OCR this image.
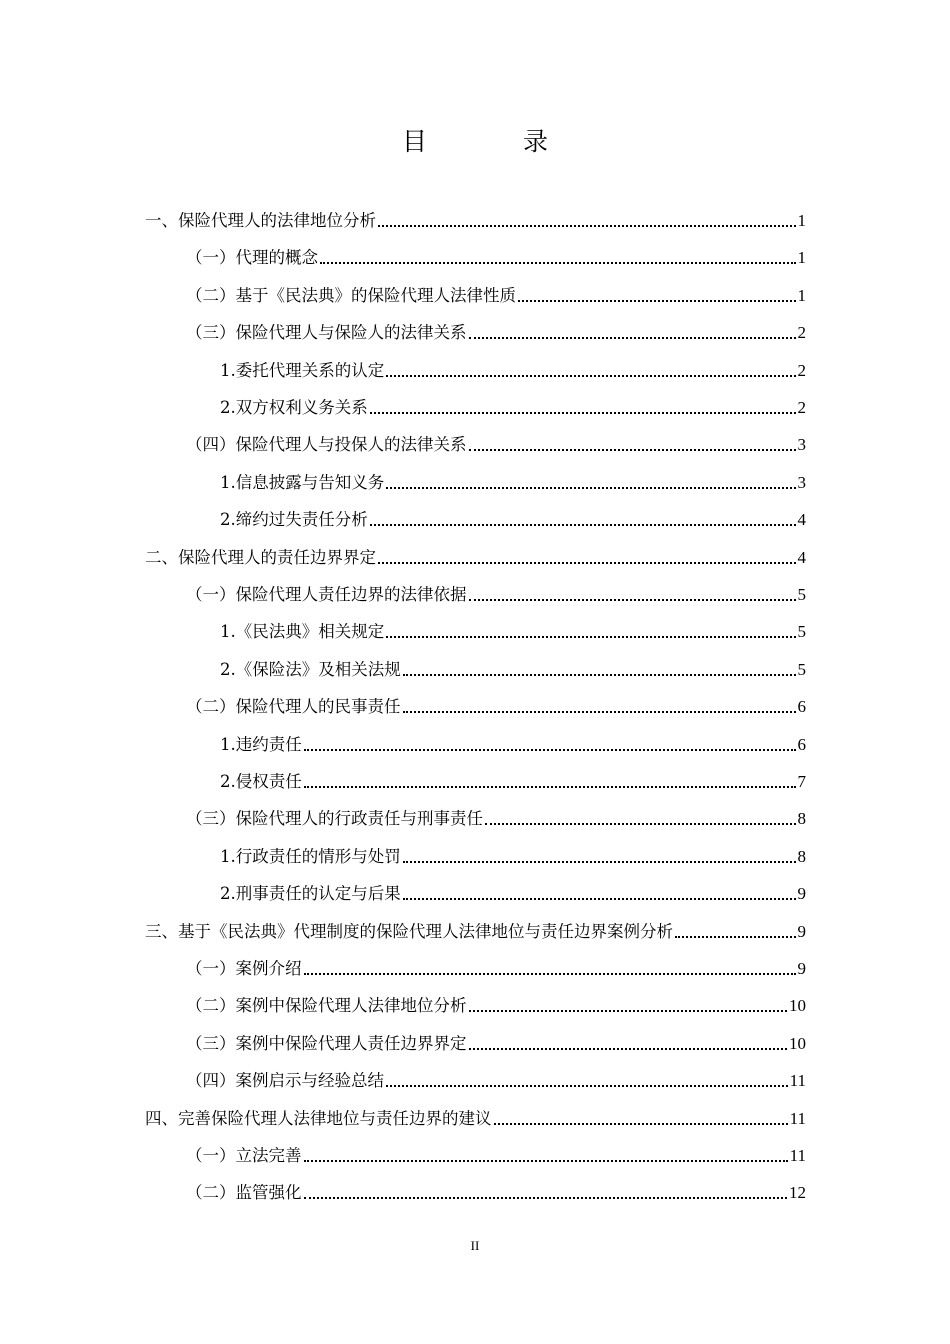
目 录
一、保险代理人的法律地位分析	1
（一）代理的概念	1
（二）基于《民法典》的保险代理人法律性质	1
（三）保险代理人与保险人的法律关系	2
1.委托代理关系的认定	2
2.双方权利义务关系	2
（四）保险代理人与投保人的法律关系	3
1.信息披露与告知义务	3
2.缔约过失责任分析	4
二、保险代理人的责任边界界定	4
（一）保险代理人责任边界的法律依据	5
1.《民法典》相关规定	5
2.《保险法》及相关法规	5
（二）保险代理人的民事责任	6
1.违约责任	6
2.侵权责任	7
（三）保险代理人的行政责任与刑事责任	8
1.行政责任的情形与处罚	8
2.刑事责任的认定与后果	9
三、基于《民法典》代理制度的保险代理人法律地位与责任边界案例分析	9
（一）案例介绍	9
（二）案例中保险代理人法律地位分析	10
（三）案例中保险代理人责任边界界定	10
（四）案例启示与经验总结	11
四、完善保险代理人法律地位与责任边界的建议	11
（一）立法完善	11
（二）监管强化	12
II
